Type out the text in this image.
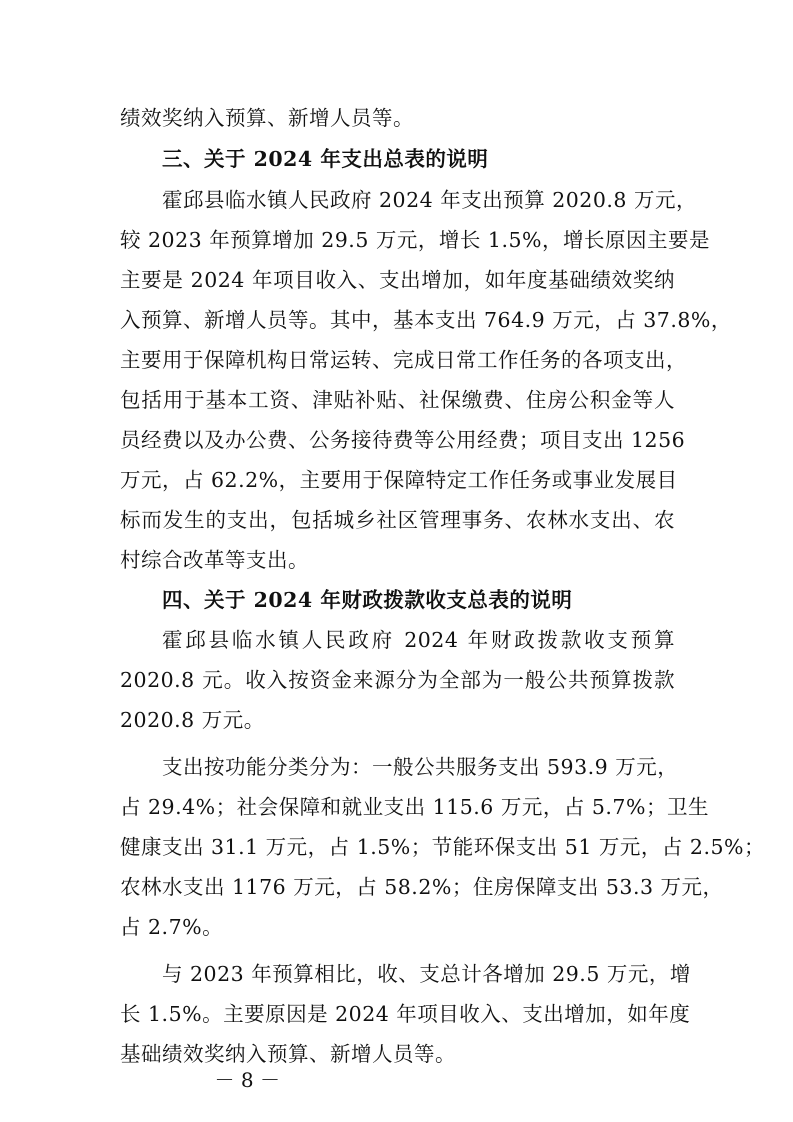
绩效奖纳入预算、新增人员等。
三、关于 2024 年支出总表的说明
霍邱县临水镇人民政府 2024 年支出预算 2020.8 万元，
较 2023 年预算增加 29.5 万元，增长 1.5%，增长原因主要是
主要是 2024 年项目收入、支出增加，如年度基础绩效奖纳
入预算、新增人员等。其中，基本支出 764.9 万元，占 37.8%，
主要用于保障机构日常运转、完成日常工作任务的各项支出，
包括用于基本工资、津贴补贴、社保缴费、住房公积金等人
员经费以及办公费、公务接待费等公用经费；项目支出 1256
万元，占 62.2%，主要用于保障特定工作任务或事业发展目
标而发生的支出，包括城乡社区管理事务、农林水支出、农
村综合改革等支出。
四、关于 2024 年财政拨款收支总表的说明
霍邱县临水镇人民政府 2024 年财政拨款收支预算
2020.8 元。收入按资金来源分为全部为一般公共预算拨款
2020.8 万元。
支出按功能分类分为：一般公共服务支出 593.9 万元，
占 29.4%；社会保障和就业支出 115.6 万元，占 5.7%；卫生
健康支出 31.1 万元，占 1.5%；节能环保支出 51 万元，占 2.5%；
农林水支出 1176 万元，占 58.2%；住房保障支出 53.3 万元，
占 2.7%。
与 2023 年预算相比，收、支总计各增加 29.5 万元，增
长 1.5%。主要原因是 2024 年项目收入、支出增加，如年度
基础绩效奖纳入预算、新增人员等。
－ 8 －
